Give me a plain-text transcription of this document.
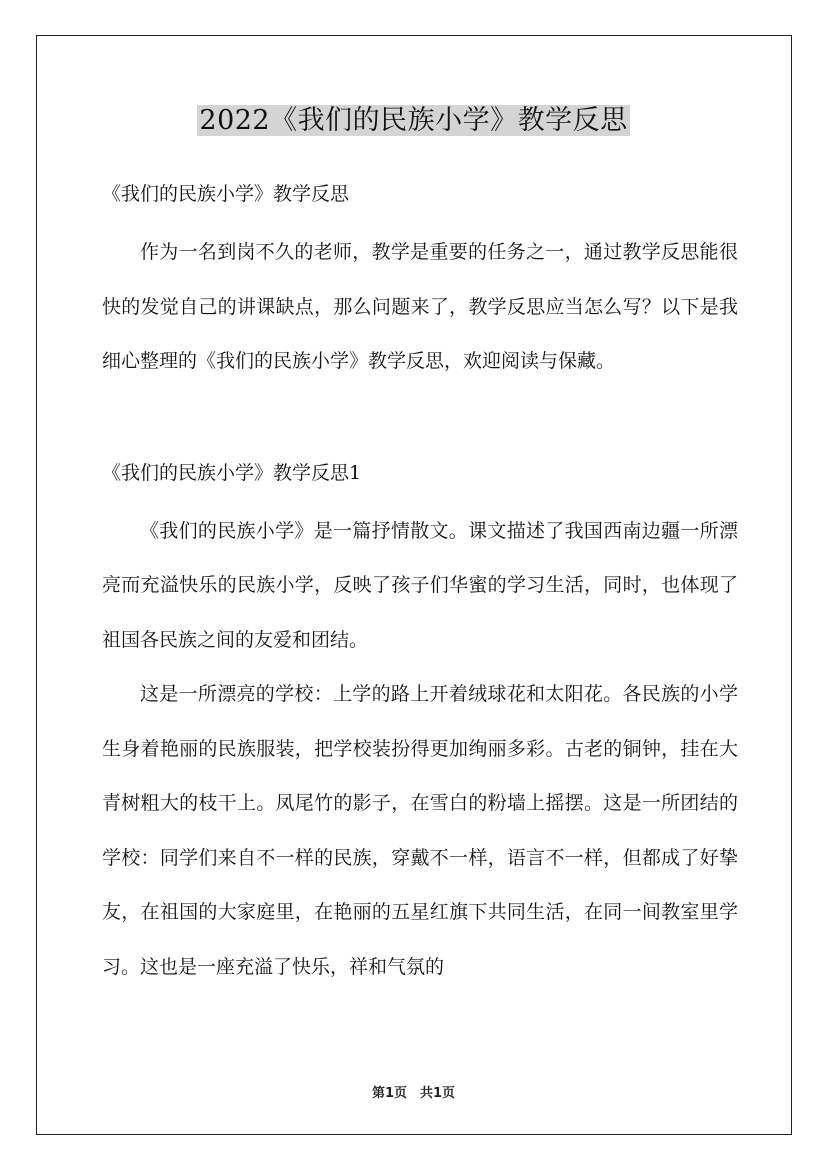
2022《我们的民族小学》教学反思

《我们的民族小学》教学反思

作为一名到岗不久的老师，教学是重要的任务之一，通过教学反思能很快的发觉自己的讲课缺点，那么问题来了，教学反思应当怎么写？以下是我细心整理的《我们的民族小学》教学反思，欢迎阅读与保藏。

《我们的民族小学》教学反思1

《我们的民族小学》是一篇抒情散文。课文描述了我国西南边疆一所漂亮而充溢快乐的民族小学，反映了孩子们华蜜的学习生活，同时，也体现了祖国各民族之间的友爱和团结。

这是一所漂亮的学校：上学的路上开着绒球花和太阳花。各民族的小学生身着艳丽的民族服装，把学校装扮得更加绚丽多彩。古老的铜钟，挂在大青树粗大的枝干上。凤尾竹的影子，在雪白的粉墙上摇摆。这是一所团结的学校：同学们来自不一样的民族，穿戴不一样，语言不一样，但都成了好挚友，在祖国的大家庭里，在艳丽的五星红旗下共同生活，在同一间教室里学习。这也是一座充溢了快乐，祥和气氛的

第1页　共1页
